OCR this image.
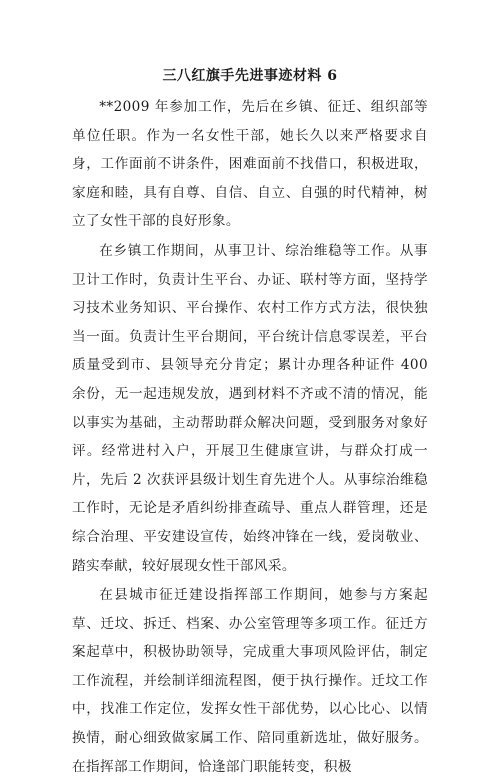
三八红旗手先进事迹材料 6

**2009 年参加工作，先后在乡镇、征迁、组织部等单位任职。作为一名女性干部，她长久以来严格要求自身，工作面前不讲条件，困难面前不找借口，积极进取，家庭和睦，具有自尊、自信、自立、自强的时代精神，树立了女性干部的良好形象。

在乡镇工作期间，从事卫计、综治维稳等工作。从事卫计工作时，负责计生平台、办证、联村等方面，坚持学习技术业务知识、平台操作、农村工作方式方法，很快独当一面。负责计生平台期间，平台统计信息零误差，平台质量受到市、县领导充分肯定；累计办理各种证件 400 余份，无一起违规发放，遇到材料不齐或不清的情况，能以事实为基础，主动帮助群众解决问题，受到服务对象好评。经常进村入户，开展卫生健康宣讲，与群众打成一片，先后 2 次获评县级计划生育先进个人。从事综治维稳工作时，无论是矛盾纠纷排查疏导、重点人群管理，还是综合治理、平安建设宣传，始终冲锋在一线，爱岗敬业、踏实奉献，较好展现女性干部风采。

在县城市征迁建设指挥部工作期间，她参与方案起草、迁坟、拆迁、档案、办公室管理等多项工作。征迁方案起草中，积极协助领导，完成重大事项风险评估，制定工作流程，并绘制详细流程图，便于执行操作。迁坟工作中，找准工作定位，发挥女性干部优势，以心比心、以情换情，耐心细致做家属工作、陪同重新选址，做好服务。在指挥部工作期间，恰逢部门职能转变，积极
